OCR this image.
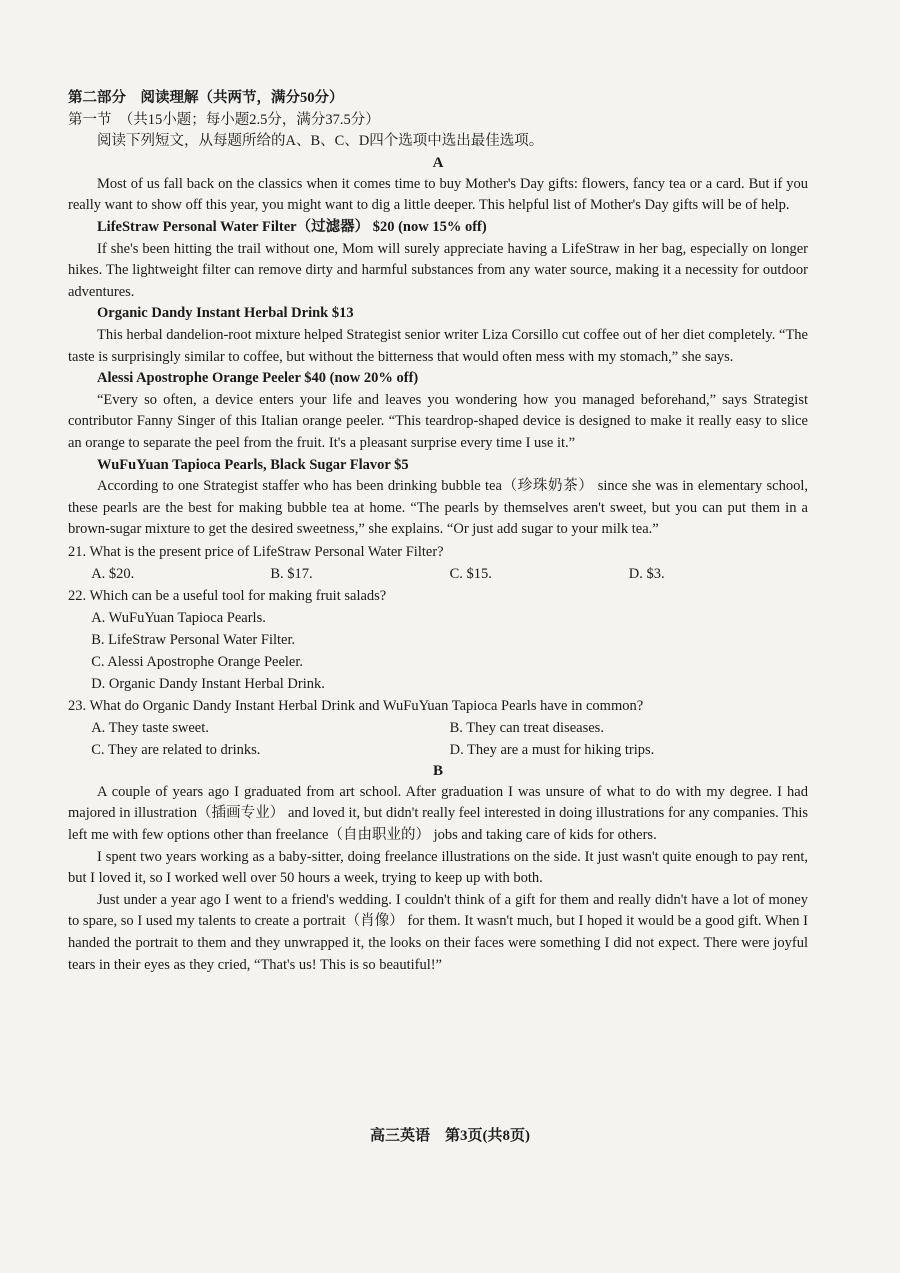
第二部分　阅读理解（共两节，满分50分）

第一节　（共15小题；每小题2.5分，满分37.5分）

阅读下列短文，从每题所给的A、B、C、D四个选项中选出最佳选项。

A

Most of us fall back on the classics when it comes time to buy Mother's Day gifts: flowers, fancy tea or a card. But if you really want to show off this year, you might want to dig a little deeper. This helpful list of Mother's Day gifts will be of help.

LifeStraw Personal Water Filter（过滤器） $20 (now 15% off)

If she's been hitting the trail without one, Mom will surely appreciate having a LifeStraw in her bag, especially on longer hikes. The lightweight filter can remove dirty and harmful substances from any water source, making it a necessity for outdoor adventures.

Organic Dandy Instant Herbal Drink $13

This herbal dandelion-root mixture helped Strategist senior writer Liza Corsillo cut coffee out of her diet completely. “The taste is surprisingly similar to coffee, but without the bitterness that would often mess with my stomach,” she says.

Alessi Apostrophe Orange Peeler $40 (now 20% off)

“Every so often, a device enters your life and leaves you wondering how you managed beforehand,” says Strategist contributor Fanny Singer of this Italian orange peeler. “This teardrop-shaped device is designed to make it really easy to slice an orange to separate the peel from the fruit. It's a pleasant surprise every time I use it.”

WuFuYuan Tapioca Pearls, Black Sugar Flavor $5

According to one Strategist staffer who has been drinking bubble tea（珍珠奶茶） since she was in elementary school, these pearls are the best for making bubble tea at home. “The pearls by themselves aren't sweet, but you can put them in a brown-sugar mixture to get the desired sweetness,” she explains. “Or just add sugar to your milk tea.”

21. What is the present price of LifeStraw Personal Water Filter?

A. $20.	B. $17.	C. $15.	D. $3.

22. Which can be a useful tool for making fruit salads?

A. WuFuYuan Tapioca Pearls.

B. LifeStraw Personal Water Filter.

C. Alessi Apostrophe Orange Peeler.

D. Organic Dandy Instant Herbal Drink.

23. What do Organic Dandy Instant Herbal Drink and WuFuYuan Tapioca Pearls have in common?

A. They taste sweet.	B. They can treat diseases.
C. They are related to drinks.	D. They are a must for hiking trips.

B

A couple of years ago I graduated from art school. After graduation I was unsure of what to do with my degree. I had majored in illustration（插画专业） and loved it, but didn't really feel interested in doing illustrations for any companies. This left me with few options other than freelance（自由职业的） jobs and taking care of kids for others.

I spent two years working as a baby-sitter, doing freelance illustrations on the side. It just wasn't quite enough to pay rent, but I loved it, so I worked well over 50 hours a week, trying to keep up with both.

Just under a year ago I went to a friend's wedding. I couldn't think of a gift for them and really didn't have a lot of money to spare, so I used my talents to create a portrait（肖像） for them. It wasn't much, but I hoped it would be a good gift. When I handed the portrait to them and they unwrapped it, the looks on their faces were something I did not expect. There were joyful tears in their eyes as they cried, “That's us! This is so beautiful!”

高三英语　第3页(共8页)
